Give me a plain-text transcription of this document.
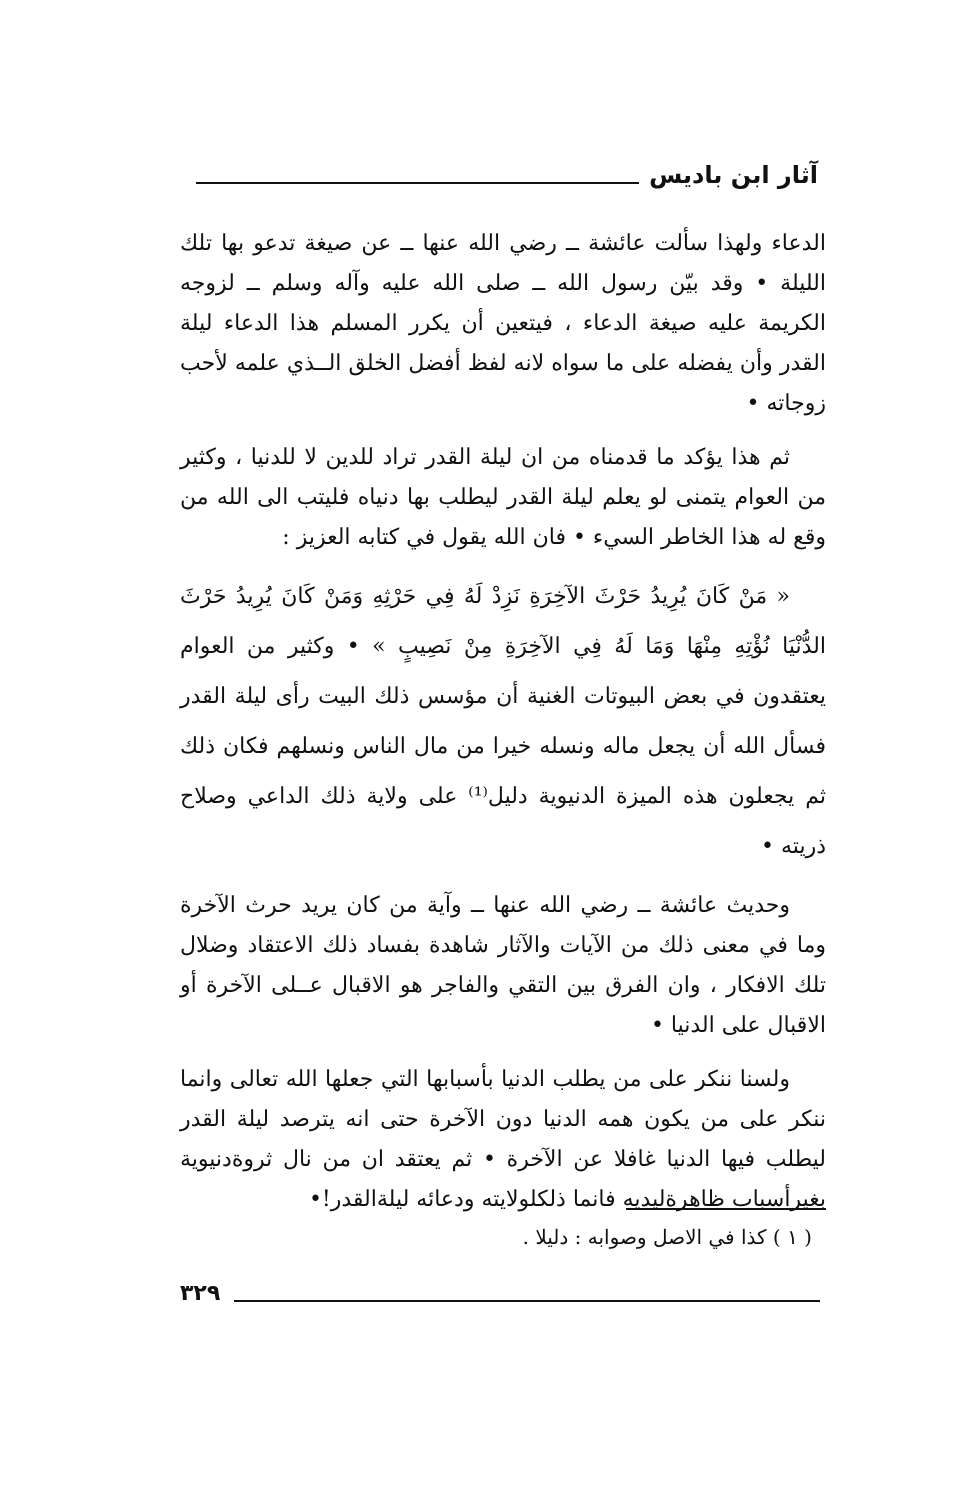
آثار ابن باديس

الدعاء ولهذا سألت عائشة ــ رضي الله عنها ــ عن صيغة تدعو بها تلك الليلة • وقد بيّن رسول الله ــ صلى الله عليه وآله وسلم ــ لزوجه الكريمة عليه صيغة الدعاء ، فيتعين أن يكرر المسلم هذا الدعاء ليلة القدر وأن يفضله على ما سواه لانه لفظ أفضل الخلق الــذي علمه لأحب زوجاته •

ثم هذا يؤكد ما قدمناه من ان ليلة القدر تراد للدين لا للدنيا ، وكثير من العوام يتمنى لو يعلم ليلة القدر ليطلب بها دنياه فليتب الى الله من وقع له هذا الخاطر السيء • فان الله يقول في كتابه العزيز :

« مَنْ كَانَ يُرِيدُ حَرْثَ الآخِرَةِ نَزِدْ لَهُ فِي حَرْثِهِ وَمَنْ كَانَ يُرِيدُ حَرْثَ الدُّنْيَا نُؤْتِهِ مِنْهَا وَمَا لَهُ فِي الآخِرَةِ مِنْ نَصِيبٍ » • وكثير من العوام يعتقدون في بعض البيوتات الغنية أن مؤسس ذلك البيت رأى ليلة القدر فسأل الله أن يجعل ماله ونسله خيرا من مال الناس ونسلهم فكان ذلك ثم يجعلون هذه الميزة الدنيوية دليل⁽¹⁾ على ولاية ذلك الداعي وصلاح ذريته •

وحديث عائشة ــ رضي الله عنها ــ وآية من كان يريد حرث الآخرة وما في معنى ذلك من الآيات والآثار شاهدة بفساد ذلك الاعتقاد وضلال تلك الافكار ، وان الفرق بين التقي والفاجر هو الاقبال عــلى الآخرة أو الاقبال على الدنيا •

ولسنا ننكر على من يطلب الدنيا بأسبابها التي جعلها الله تعالى وانما ننكر على من يكون همه الدنيا دون الآخرة حتى انه يترصد ليلة القدر ليطلب فيها الدنيا غافلا عن الآخرة • ثم يعتقد ان من نال ثروةدنيوية بغيرأسباب ظاهرةليديه فانما ذلكلولايته ودعائه ليلةالقدر!•

( ١ ) كذا في الاصل وصوابه : دليلا .
٣٢٩
